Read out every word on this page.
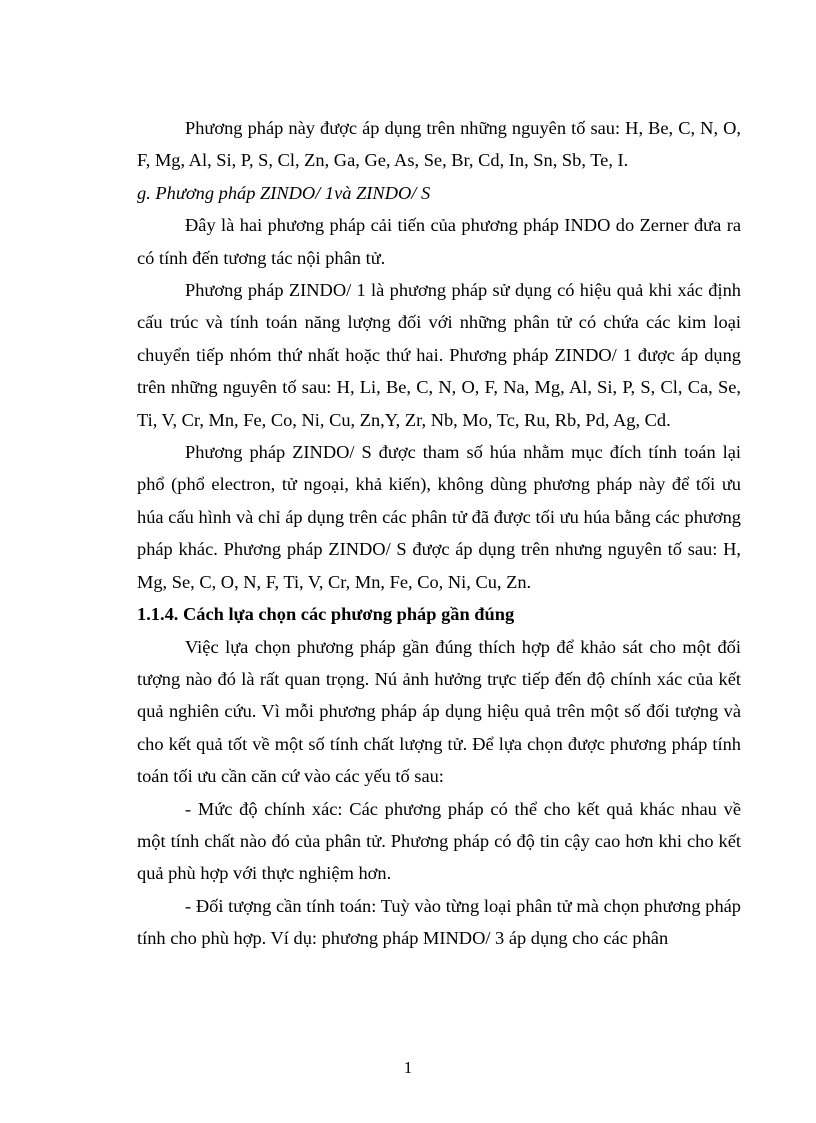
Phương pháp này được áp dụng trên những nguyên tố sau: H, Be, C, N, O, F, Mg, Al, Si, P, S, Cl, Zn, Ga, Ge, As, Se, Br, Cd, In, Sn, Sb, Te, I.

g. Phương pháp ZINDO/ 1và ZINDO/ S

Đây là hai phương pháp cải tiến của phương pháp INDO do Zerner đưa ra có tính đến tương tác nội phân tử.

Phương pháp ZINDO/ 1 là phương pháp sử dụng có hiệu quả khi xác định cấu trúc và tính toán năng lượng đối với những phân tử có chứa các kim loại chuyển tiếp nhóm thứ nhất hoặc thứ hai. Phương pháp ZINDO/ 1 được áp dụng trên những nguyên tố sau: H, Li, Be, C, N, O, F, Na, Mg, Al, Si, P, S, Cl, Ca, Se, Ti, V, Cr, Mn, Fe, Co, Ni, Cu, Zn,Y, Zr, Nb, Mo, Tc, Ru, Rb, Pd, Ag, Cd.

Phương pháp ZINDO/ S được tham số húa nhằm mục đích tính toán lại phổ (phổ electron, tử ngoại, khả kiến), không dùng phương pháp này để tối ưu húa cấu hình và chỉ áp dụng trên các phân tử đã được tối ưu húa bằng các phương pháp khác. Phương pháp ZINDO/ S được áp dụng trên nhưng nguyên tố sau: H, Mg, Se, C, O, N, F, Ti, V, Cr, Mn, Fe, Co, Ni, Cu, Zn.

1.1.4. Cách lựa chọn các phương pháp gần đúng

Việc lựa chọn phương pháp gần đúng thích hợp để khảo sát cho một đối tượng nào đó là rất quan trọng. Nú ảnh hưởng trực tiếp đến độ chính xác của kết quả nghiên cứu. Vì mỗi phương pháp áp dụng hiệu quả trên một số đối tượng và cho kết quả tốt về một số tính chất lượng tử. Để lựa chọn được phương pháp tính toán tối ưu cần căn cứ vào các yếu tố sau:

- Mức độ chính xác: Các phương pháp có thể cho kết quả khác nhau về một tính chất nào đó của phân tử. Phương pháp có độ tin cậy cao hơn khi cho kết quả phù hợp với thực nghiệm hơn.

- Đối tượng cần tính toán: Tuỳ vào từng loại phân tử mà chọn phương pháp tính cho phù hợp. Ví dụ: phương pháp MINDO/ 3 áp dụng cho các phân

1
